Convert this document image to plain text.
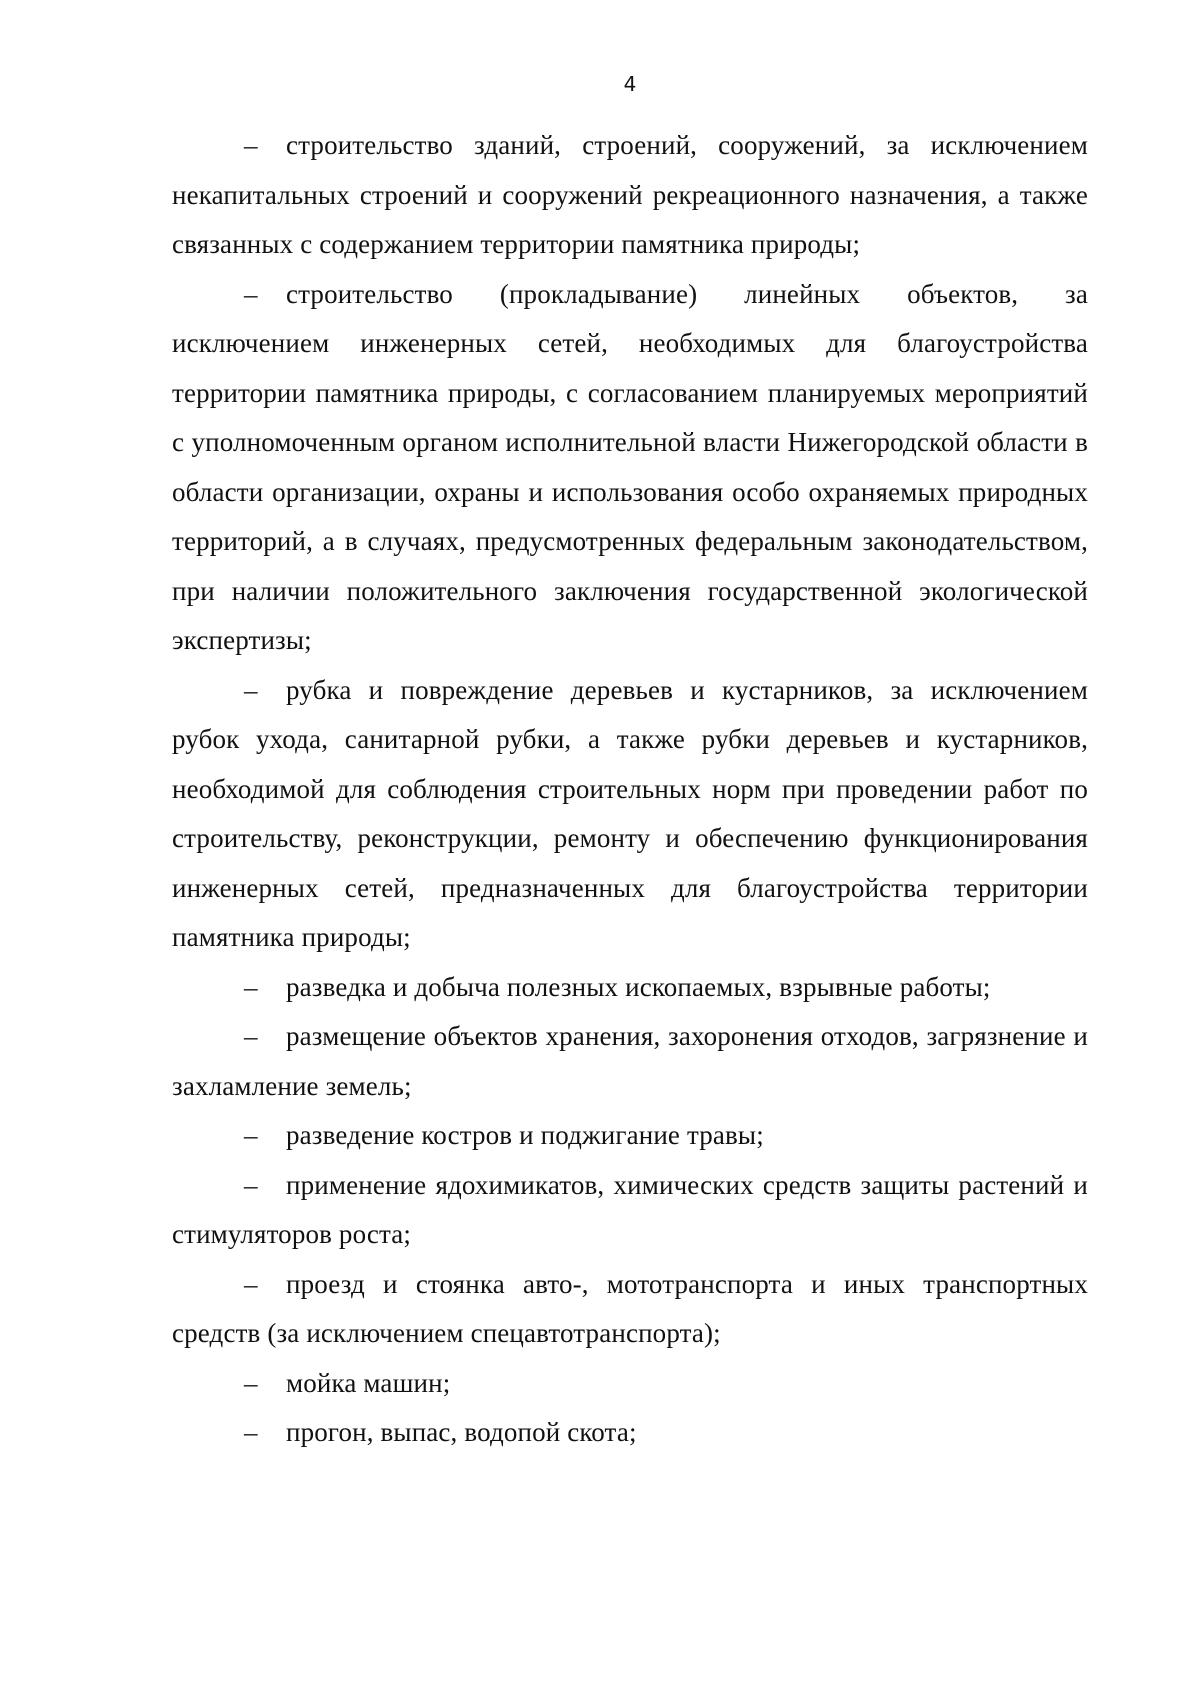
4

– строительство зданий, строений, сооружений, за исключением некапитальных строений и сооружений рекреационного назначения, а также связанных с содержанием территории памятника природы;

– строительство (прокладывание) линейных объектов, за исключением инженерных сетей, необходимых для благоустройства территории памятника природы, с согласованием планируемых мероприятий с уполномоченным органом исполнительной власти Нижегородской области в области организации, охраны и использования особо охраняемых природных территорий, а в случаях, предусмотренных федеральным законодательством, при наличии положительного заключения государственной экологической экспертизы;

– рубка и повреждение деревьев и кустарников, за исключением рубок ухода, санитарной рубки, а также рубки деревьев и кустарников, необходимой для соблюдения строительных норм при проведении работ по строительству, реконструкции, ремонту и обеспечению функционирования инженерных сетей, предназначенных для благоустройства территории памятника природы;

– разведка и добыча полезных ископаемых, взрывные работы;

– размещение объектов хранения, захоронения отходов, загрязнение и захламление земель;

– разведение костров и поджигание травы;

– применение ядохимикатов, химических средств защиты растений и стимуляторов роста;

– проезд и стоянка авто-, мототранспорта и иных транспортных средств (за исключением спецавтотранспорта);

– мойка машин;

– прогон, выпас, водопой скота;
